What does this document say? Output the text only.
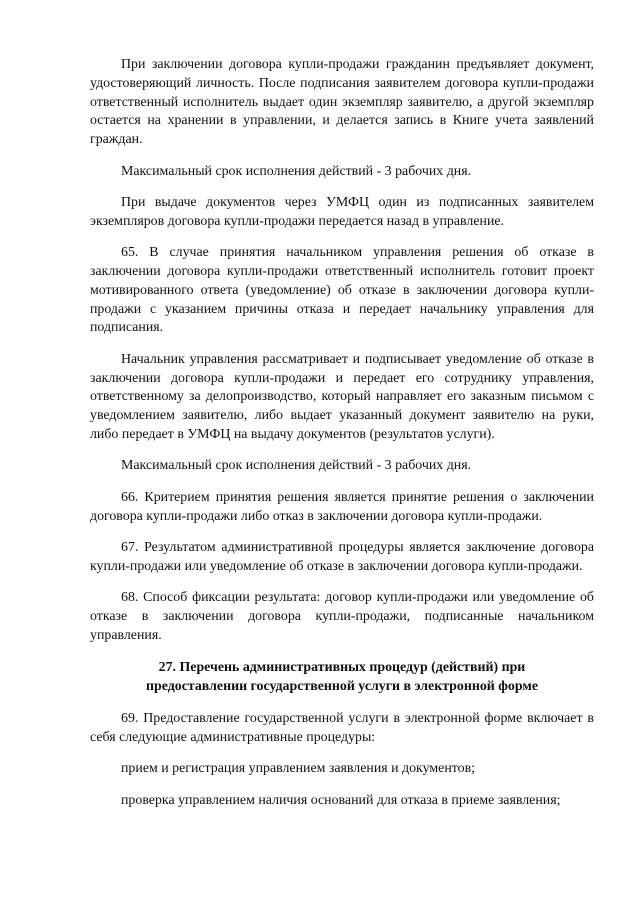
При заключении договора купли-продажи гражданин предъявляет документ, удостоверяющий личность. После подписания заявителем договора купли-продажи ответственный исполнитель выдает один экземпляр заявителю, а другой экземпляр остается на хранении в управлении, и делается запись в Книге учета заявлений граждан.

Максимальный срок исполнения действий - 3 рабочих дня.

При выдаче документов через УМФЦ один из подписанных заявителем экземпляров договора купли-продажи передается назад в управление.

65. В случае принятия начальником управления решения об отказе в заключении договора купли-продажи ответственный исполнитель готовит проект мотивированного ответа (уведомление) об отказе в заключении договора купли-продажи с указанием причины отказа и передает начальнику управления для подписания.

Начальник управления рассматривает и подписывает уведомление об отказе в заключении договора купли-продажи и передает его сотруднику управления, ответственному за делопроизводство, который направляет его заказным письмом с уведомлением заявителю, либо выдает указанный документ заявителю на руки, либо передает в УМФЦ на выдачу документов (результатов услуги).

Максимальный срок исполнения действий - 3 рабочих дня.

66. Критерием принятия решения является принятие решения о заключении договора купли-продажи либо отказ в заключении договора купли-продажи.

67. Результатом административной процедуры является заключение договора купли-продажи или уведомление об отказе в заключении договора купли-продажи.

68. Способ фиксации результата: договор купли-продажи или уведомление об отказе в заключении договора купли-продажи, подписанные начальником управления.

27. Перечень административных процедур (действий) при
предоставлении государственной услуги в электронной форме

69. Предоставление государственной услуги в электронной форме включает в себя следующие административные процедуры:

прием и регистрация управлением заявления и документов;

проверка управлением наличия оснований для отказа в приеме заявления;
